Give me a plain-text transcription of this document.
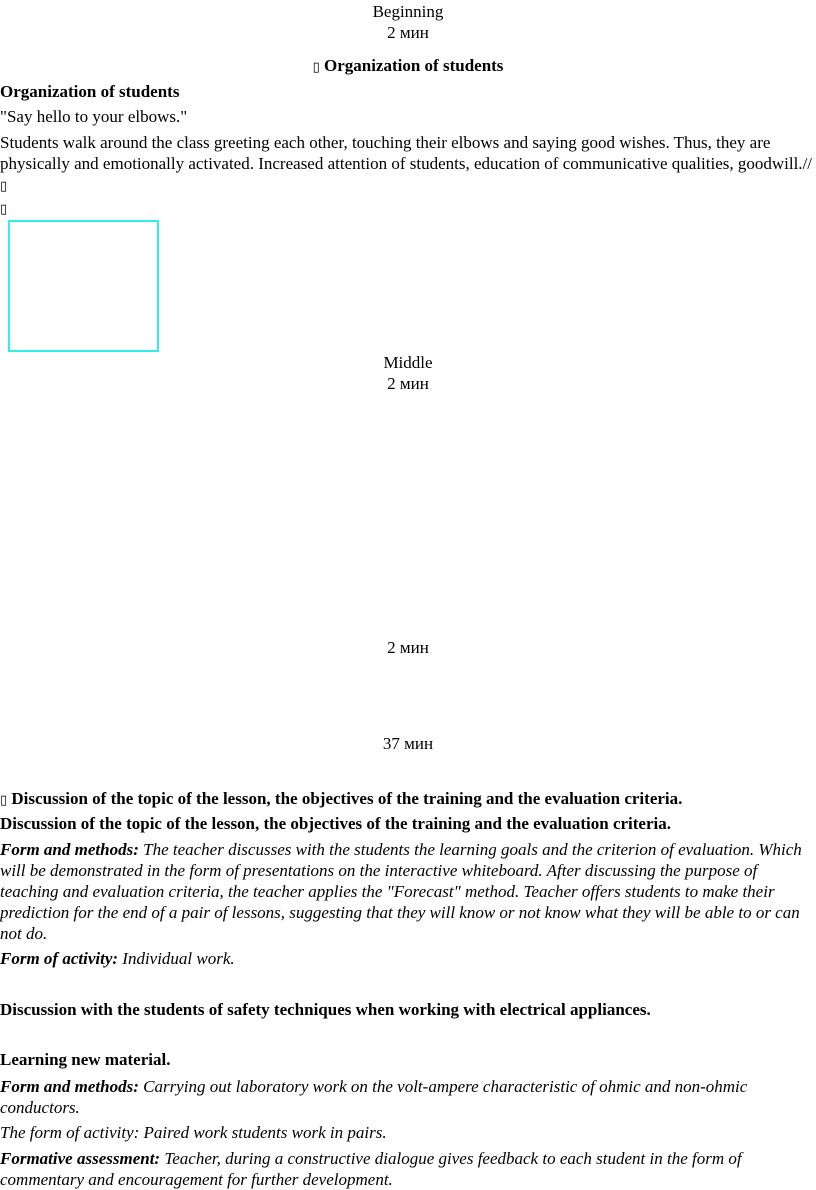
Beginning
2 мин
▯ Organization of students
Organization of students
"Say hello to your elbows."
Students walk around the class greeting each other, touching their elbows and saying good wishes. Thus, they are physically and emotionally activated. Increased attention of students, education of communicative qualities, goodwill.// ▯
▯
Middle
2 мин
2 мин
37 мин
▯ Discussion of the topic of the lesson, the objectives of the training and the evaluation criteria.
Discussion of the topic of the lesson, the objectives of the training and the evaluation criteria.
Form and methods: The teacher discusses with the students the learning goals and the criterion of evaluation. Which will be demonstrated in the form of presentations on the interactive whiteboard. After discussing the purpose of teaching and evaluation criteria, the teacher applies the "Forecast" method. Teacher offers students to make their prediction for the end of a pair of lessons, suggesting that they will know or not know what they will be able to or can not do.
Form of activity: Individual work.
Discussion with the students of safety techniques when working with electrical appliances.
Learning new material.
Form and methods: Carrying out laboratory work on the volt-ampere characteristic of ohmic and non-ohmic conductors.
The form of activity: Paired work students work in pairs.
Formative assessment: Teacher, during a constructive dialogue gives feedback to each student in the form of commentary and encouragement for further development.
